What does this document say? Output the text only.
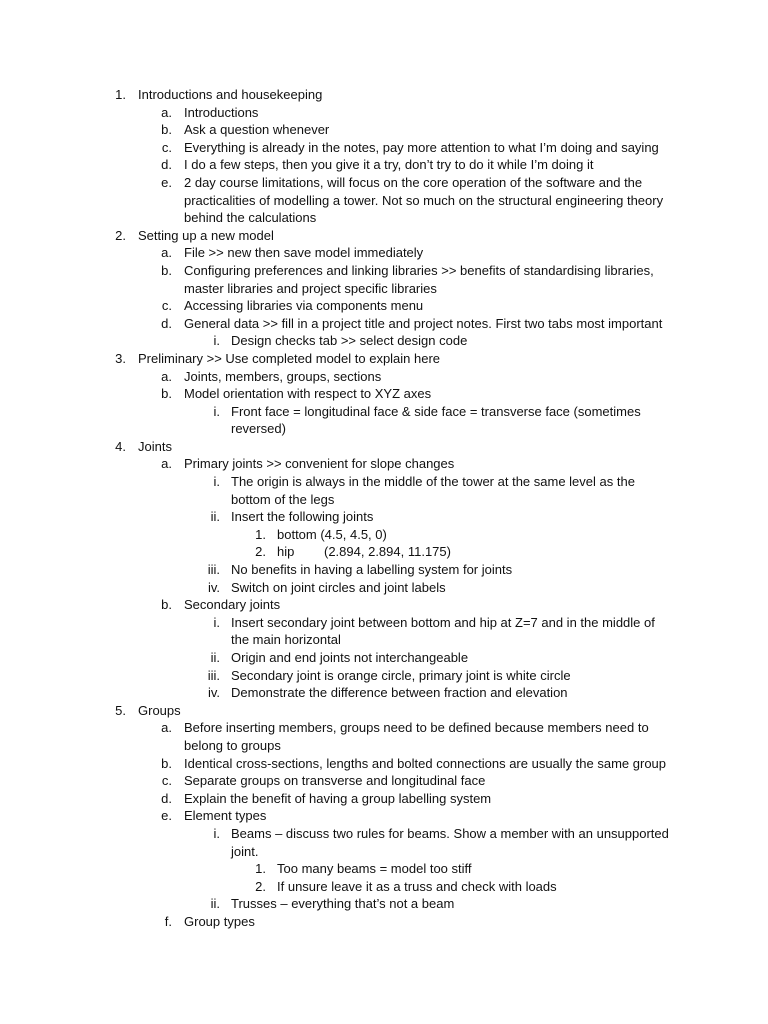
1. Introductions and housekeeping
a. Introductions
b. Ask a question whenever
c. Everything is already in the notes, pay more attention to what I’m doing and saying
d. I do a few steps, then you give it a try, don’t try to do it while I’m doing it
e. 2 day course limitations, will focus on the core operation of the software and the
practicalities of modelling a tower. Not so much on the structural engineering theory
behind the calculations
2. Setting up a new model
a. File >> new then save model immediately
b. Configuring preferences and linking libraries >> benefits of standardising libraries,
master libraries and project specific libraries
c. Accessing libraries via components menu
d. General data >> fill in a project title and project notes. First two tabs most important
i. Design checks tab >> select design code
3. Preliminary >> Use completed model to explain here
a. Joints, members, groups, sections
b. Model orientation with respect to XYZ axes
i. Front face = longitudinal face & side face = transverse face (sometimes
reversed)
4. Joints
a. Primary joints >> convenient for slope changes
i. The origin is always in the middle of the tower at the same level as the
bottom of the legs
ii. Insert the following joints
1. bottom (4.5, 4.5, 0)
2. hip (2.894, 2.894, 11.175)
iii. No benefits in having a labelling system for joints
iv. Switch on joint circles and joint labels
b. Secondary joints
i. Insert secondary joint between bottom and hip at Z=7 and in the middle of
the main horizontal
ii. Origin and end joints not interchangeable
iii. Secondary joint is orange circle, primary joint is white circle
iv. Demonstrate the difference between fraction and elevation
5. Groups
a. Before inserting members, groups need to be defined because members need to
belong to groups
b. Identical cross-sections, lengths and bolted connections are usually the same group
c. Separate groups on transverse and longitudinal face
d. Explain the benefit of having a group labelling system
e. Element types
i. Beams – discuss two rules for beams. Show a member with an unsupported
joint.
1. Too many beams = model too stiff
2. If unsure leave it as a truss and check with loads
ii. Trusses – everything that’s not a beam
f. Group types
